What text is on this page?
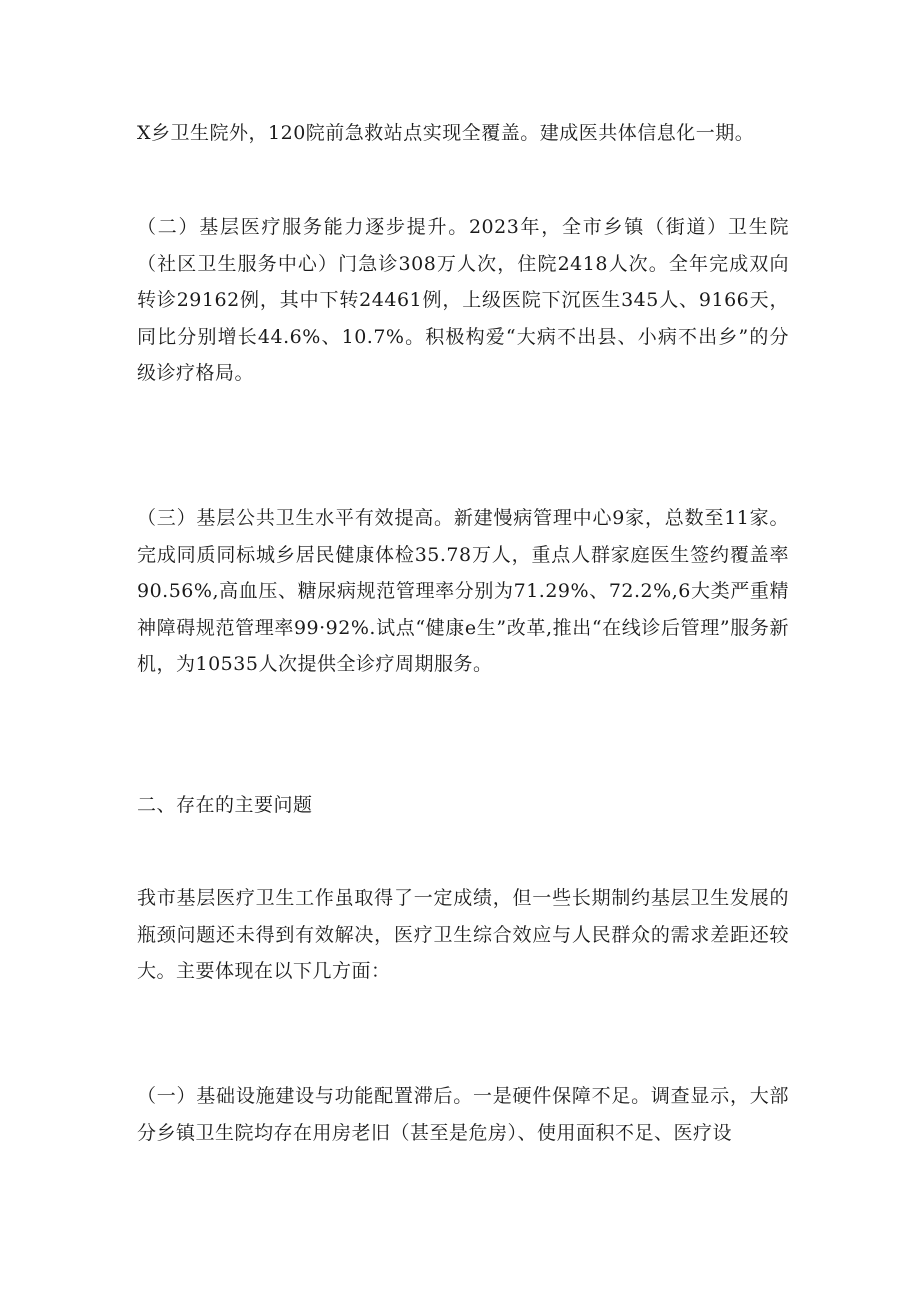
X乡卫生院外，120院前急救站点实现全覆盖。建成医共体信息化一期。

（二）基层医疗服务能力逐步提升。2023年，全市乡镇（街道）卫生院（社区卫生服务中心）门急诊308万人次，住院2418人次。全年完成双向转诊29162例，其中下转24461例，上级医院下沉医生345人、9166天，同比分别增长44.6%、10.7%。积极构爱“大病不出县、小病不出乡”的分级诊疗格局。

（三）基层公共卫生水平有效提高。新建慢病管理中心9家，总数至11家。完成同质同标城乡居民健康体检35.78万人，重点人群家庭医生签约覆盖率90.56%,高血压、糖尿病规范管理率分别为71.29%、72.2%,6大类严重精神障碍规范管理率99·92%.试点“健康e生”改革,推出“在线诊后管理”服务新机，为10535人次提供全诊疗周期服务。

二、存在的主要问题

我市基层医疗卫生工作虽取得了一定成绩，但一些长期制约基层卫生发展的瓶颈问题还未得到有效解决，医疗卫生综合效应与人民群众的需求差距还较大。主要体现在以下几方面：

（一）基础设施建设与功能配置滞后。一是硬件保障不足。调查显示，大部分乡镇卫生院均存在用房老旧（甚至是危房）、使用面积不足、医疗设
